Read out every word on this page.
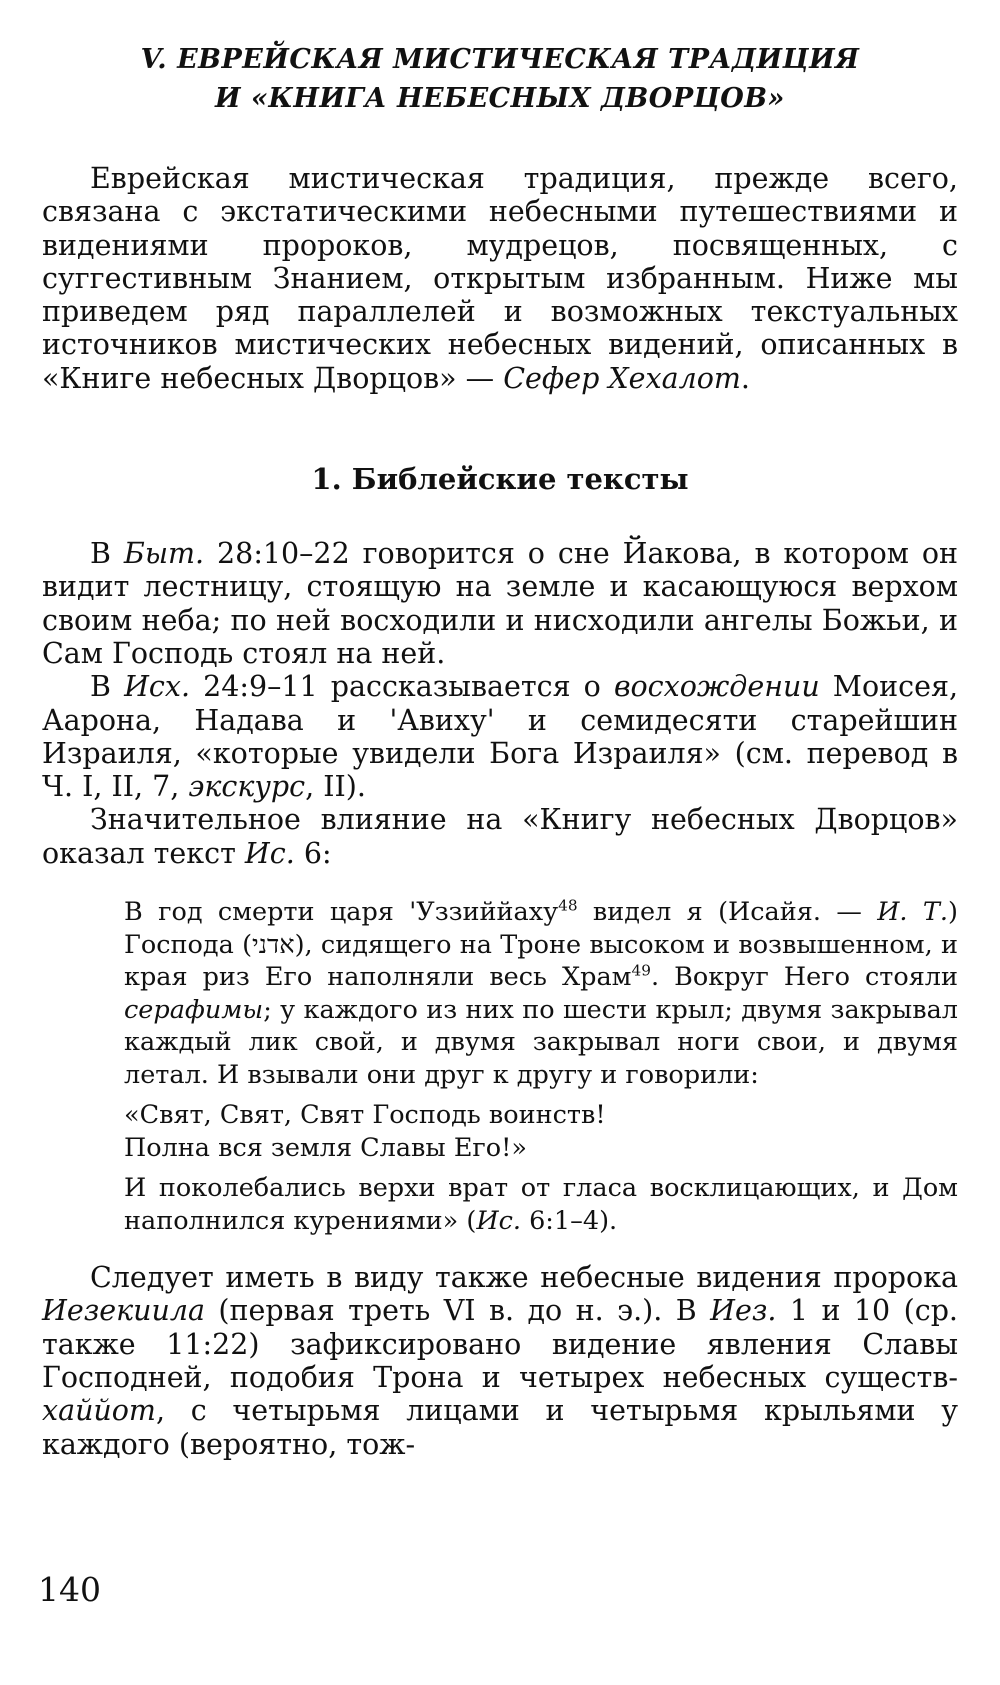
V. ЕВРЕЙСКАЯ МИСТИЧЕСКАЯ ТРАДИЦИЯ
И «КНИГА НЕБЕСНЫХ ДВОРЦОВ»

Еврейская мистическая традиция, прежде всего, связана с экстатическими небесными путешествиями и видениями пророков, мудрецов, посвященных, с суггестивным Знанием, открытым избранным. Ниже мы приведем ряд параллелей и возможных текстуальных источников мистических небесных видений, описанных в «Книге небесных Дворцов» — Сефер Хехалот.

1. Библейские тексты

В Быт. 28:10–22 говорится о сне Йакова, в котором он видит лестницу, стоящую на земле и касающуюся верхом своим неба; по ней восходили и нисходили ангелы Божьи, и Сам Господь стоял на ней.

В Исх. 24:9–11 рассказывается о восхождении Моисея, Аарона, Надава и 'Авиху' и семидесяти старейшин Израиля, «которые увидели Бога Израиля» (см. перевод в Ч. I, II, 7, экскурс, II).

Значительное влияние на «Книгу небесных Дворцов» оказал текст Ис. 6:

В год смерти царя 'Уззиййаху$^{48}$ видел я (Исайя. — И. Т.) Господа (אדני), сидящего на Троне высоком и возвышенном, и края риз Его наполняли весь Храм$^{49}$. Вокруг Него стояли серафимы; у каждого из них по шести крыл; двумя закрывал каждый лик свой, и двумя закрывал ноги свои, и двумя летал. И взывали они друг к другу и говорили:

«Свят, Свят, Свят Господь воинств!
Полна вся земля Славы Его!»

И поколебались верхи врат от гласа восклицающих, и Дом наполнился курениями» (Ис. 6:1–4).

Следует иметь в виду также небесные видения пророка Иезекиила (первая треть VI в. до н. э.). В Иез. 1 и 10 (ср. также 11:22) зафиксировано видение явления Славы Господней, подобия Трона и четырех небесных существ-хаййот, с четырьмя лицами и четырьмя крыльями у каждого (вероятно, тож-

140
